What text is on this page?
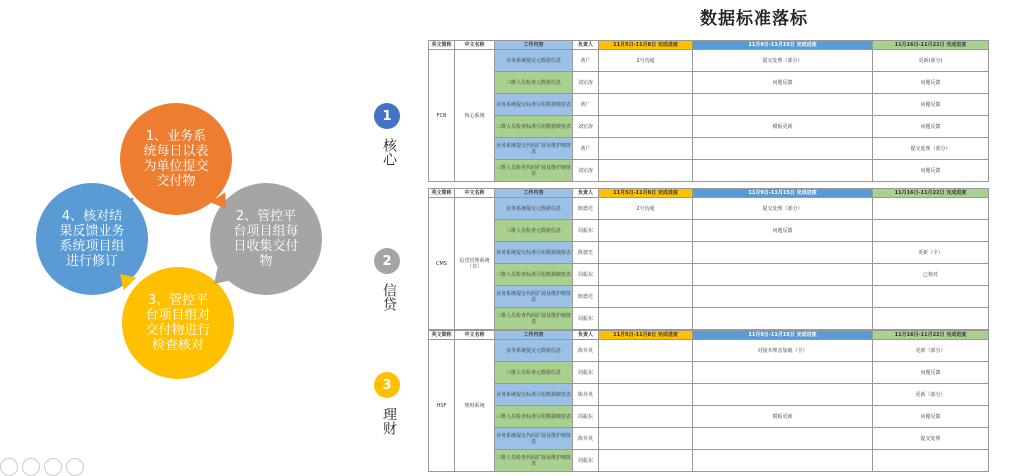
数据标准落标
1、业务系
统每日以表
为单位提交
交付物
2、管控平
台项目组每
日收集交付
物
3、管控平
台项目组对
交付物进行
检查核对
4、核对结
果反馈业务
系统项目组
进行修订
1
核心
2
信贷
3
理财
英文简称	中文名称	工作内容	负责人	11月5日-11月8日 完成进度	11月9日-11月15日 完成进度	11月16日-11月22日 完成进度
FCB	核心系统	业务系统提交元数据信息	黄广	2号沟通	提交处理（部分）	更新(部分)
		三维人员检查元数据信息	刘宏涛		问题反馈	问题反馈
		业务系统提交标准引用数据映射表	黄广			问题反馈
		三维人员检查标准引用数据映射表	刘宏涛		模板更新	问题反馈
		业务系统提交代码扩展及维护映射表	黄广			提交处理（部分）
		三维人员检查代码扩展及维护映射表	刘宏涛			问题反馈
英文简称	中文名称	工作内容	负责人	11月5日-11月8日 完成进度	11月9日-11月15日 完成进度	11月16日-11月22日 完成进度
CMS	信贷管理系统（非）	业务系统提交元数据信息	陈德光	2号沟通	提交处理（部分）	
		三维人员检查元数据信息	周振东		问题反馈	
		业务系统提交标准引用数据映射表	陈德光			更新（全）
		三维人员检查标准引用数据映射表	周振东			已核对
		业务系统提交代码扩展及维护映射表	陈德光			
		三维人员检查代码扩展及维护映射表	周振东			
英文简称	中文名称	工作内容	负责人	11月5日-11月8日 完成进度	11月9日-11月15日 完成进度	11月16日-11月22日 完成进度
HSF	理财系统	业务系统提交元数据信息	陈外英		对接本理念加载（全）	更新（部分）
		三维人员检查元数据信息	周振东			问题反馈
		业务系统提交标准引用数据映射表	陈外英			更新（部分）
		三维人员检查标准引用数据映射表	周振东		模板更新	问题反馈
		业务系统提交代码扩展及维护映射表	陈外英			提交处理
		三维人员检查代码扩展及维护映射表	周振东			
